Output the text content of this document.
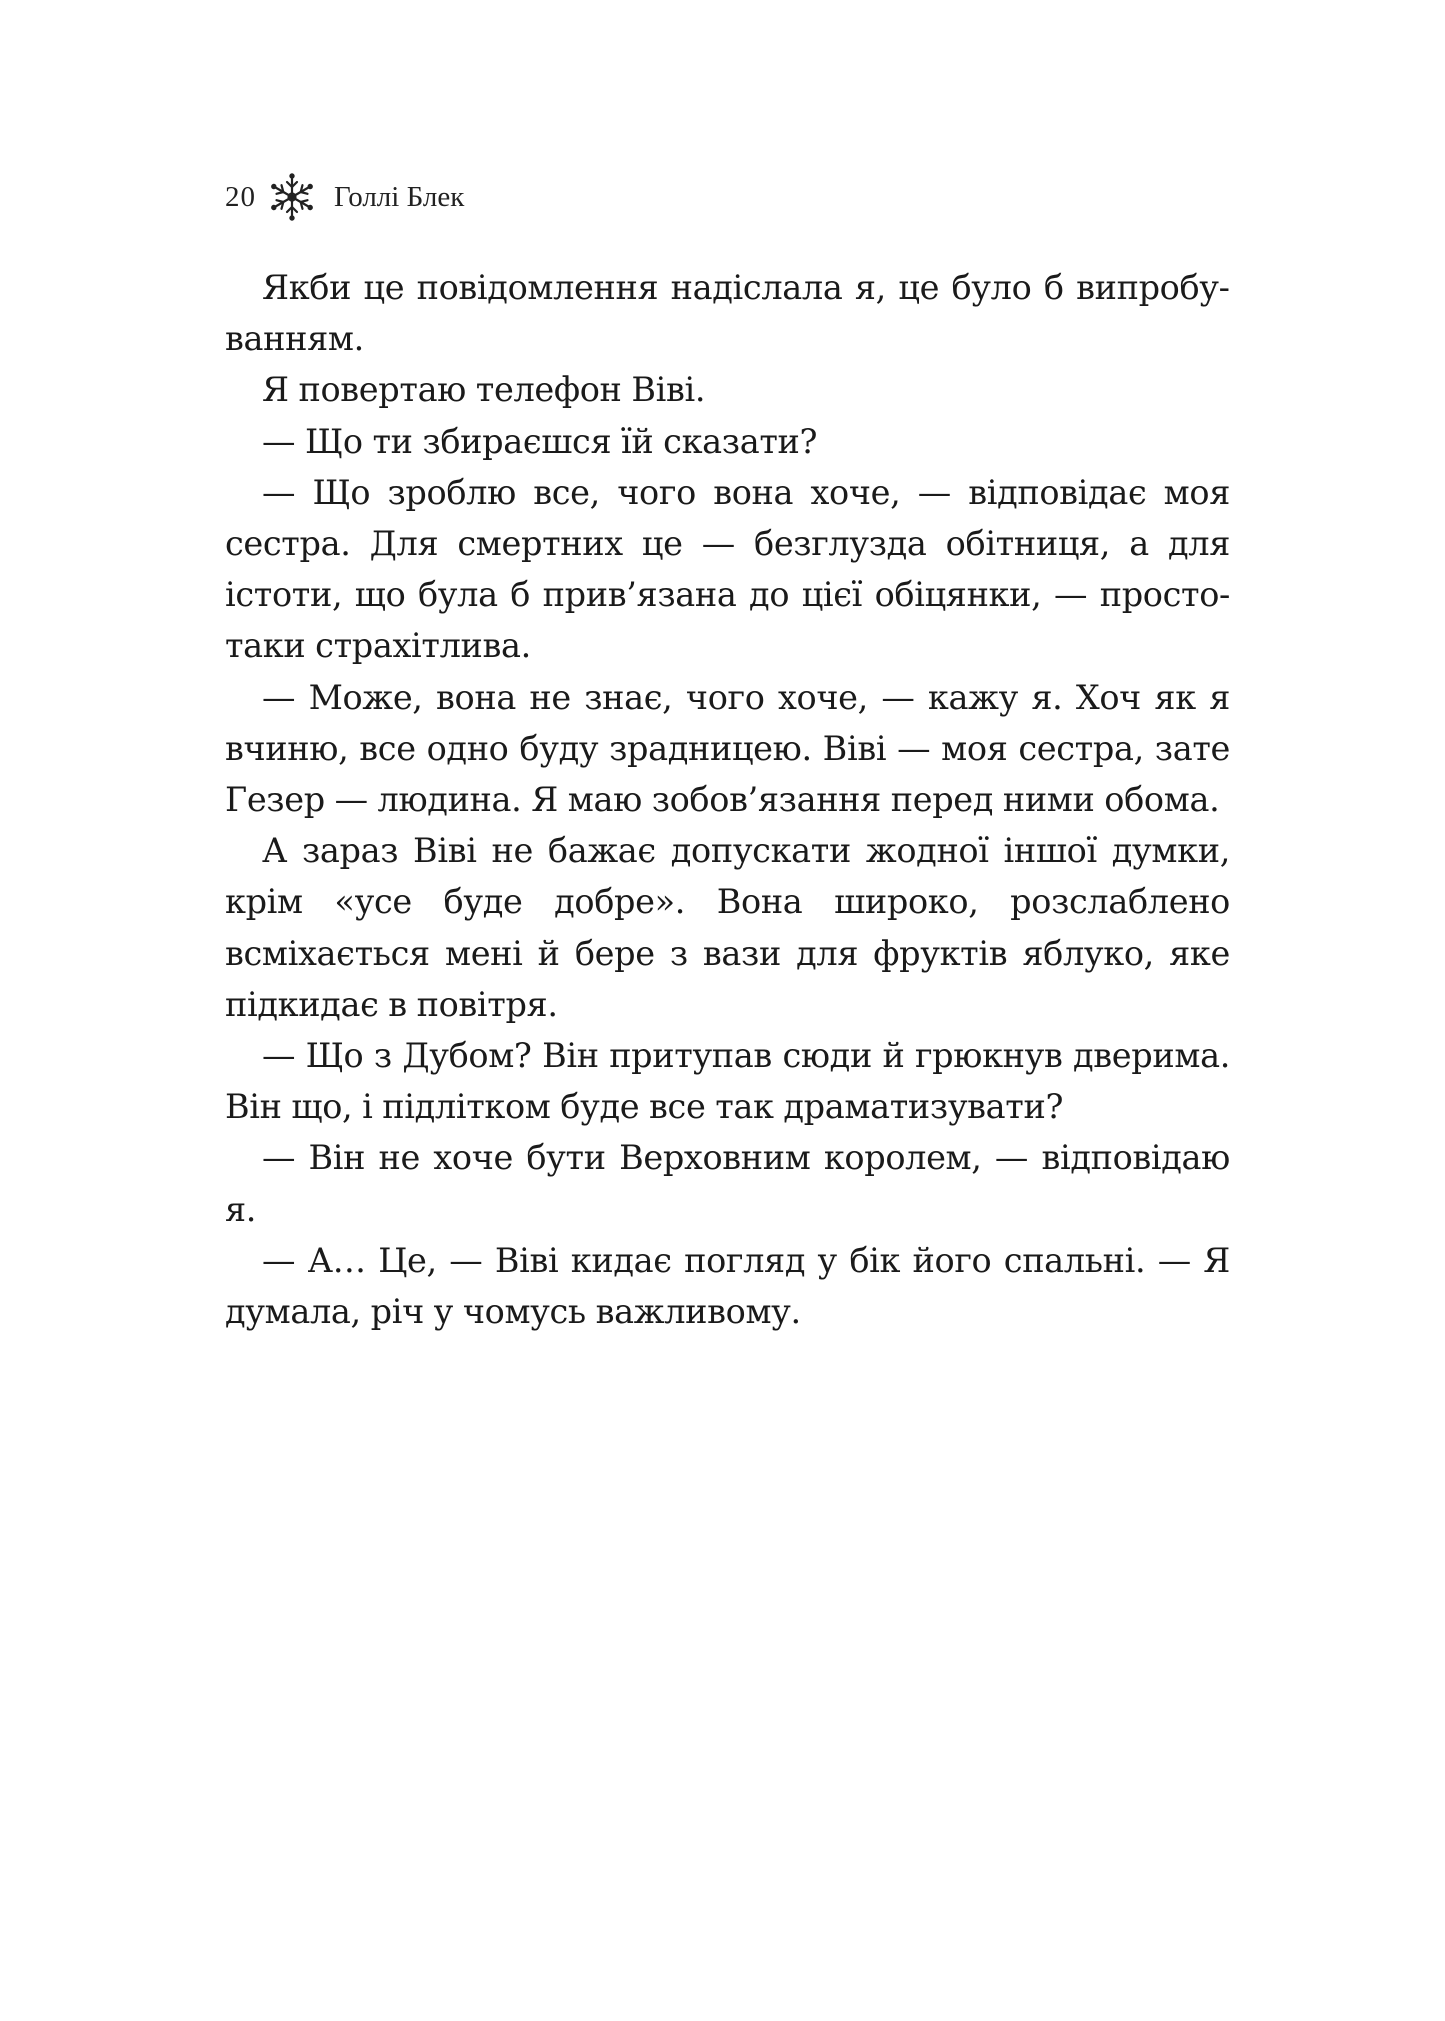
20	Голлі Блек

Якби це повідомлення надіслала я, це було б випробуванням.

Я повертаю телефон Віві.

— Що ти збираєшся їй сказати?

— Що зроблю все, чого вона хоче, — відповідає моя сестра. Для смертних це — безглузда обітниця, а для істоти, що була б прив’язана до цієї обіцянки, — просто-таки страхітлива.

— Може, вона не знає, чого хоче, — кажу я. Хоч як я вчиню, все одно буду зрадницею. Віві — моя сестра, зате Гезер — людина. Я маю зобов’язання перед ними обома.

А зараз Віві не бажає допускати жодної іншої думки, крім «усе буде добре». Вона широко, розслаблено всміхається мені й бере з вази для фруктів яблуко, яке підкидає в повітря.

— Що з Дубом? Він притупав сюди й грюкнув дверима. Він що, і підлітком буде все так драматизувати?

— Він не хоче бути Верховним королем, — відповідаю я.

— А… Це, — Віві кидає погляд у бік його спальні. — Я думала, річ у чомусь важливому.
